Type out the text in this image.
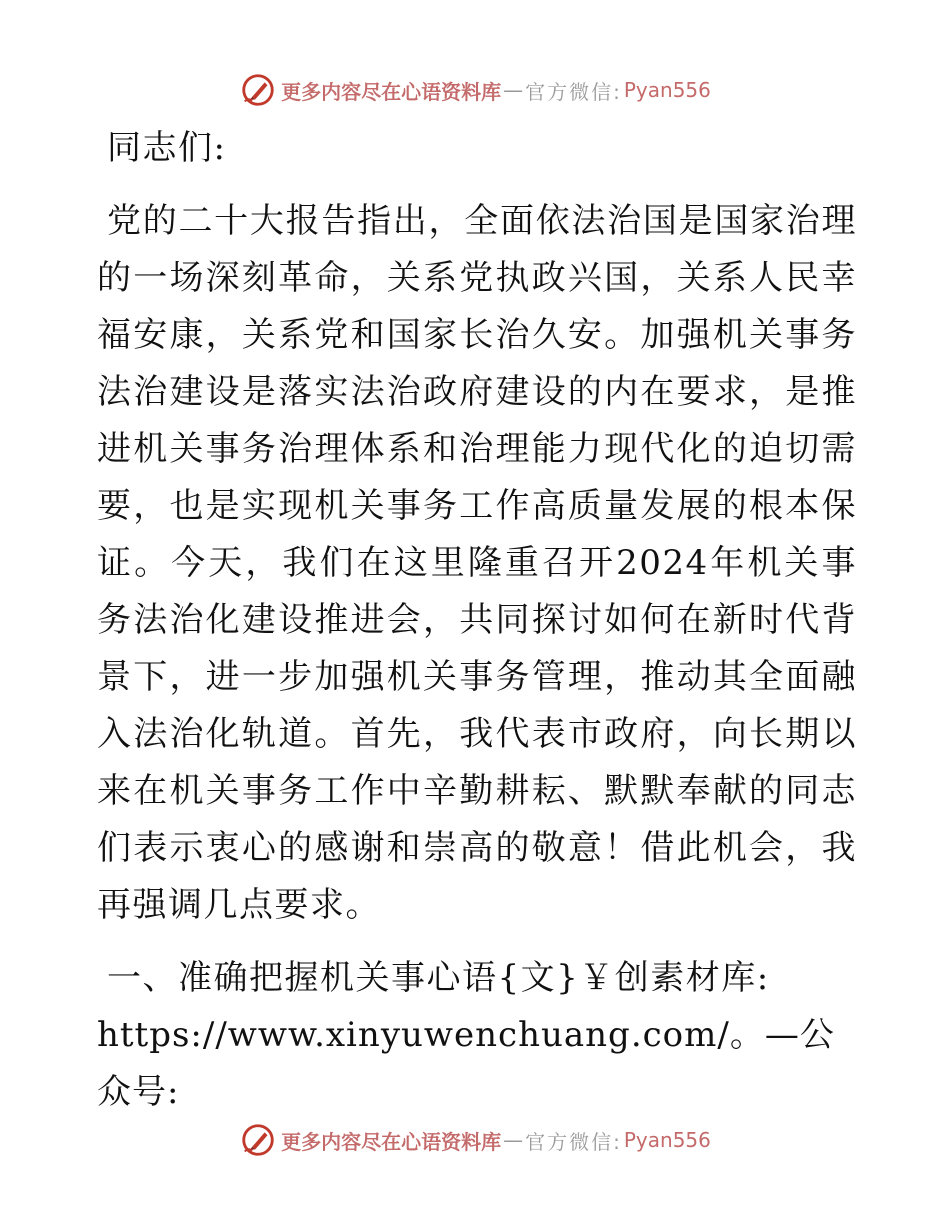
更多内容尽在心语资料库 — 官方微信: Pyan556

同志们:

党的二十大报告指出，全面依法治国是国家治理的一场深刻革命，关系党执政兴国，关系人民幸福安康，关系党和国家长治久安。加强机关事务法治建设是落实法治政府建设的内在要求，是推进机关事务治理体系和治理能力现代化的迫切需要，也是实现机关事务工作高质量发展的根本保证。今天，我们在这里隆重召开2024年机关事务法治化建设推进会，共同探讨如何在新时代背景下，进一步加强机关事务管理，推动其全面融入法治化轨道。首先，我代表市政府，向长期以来在机关事务工作中辛勤耕耘、默默奉献的同志们表示衷心的感谢和崇高的敬意！借此机会，我再强调几点要求。

一、准确把握机关事心语{文}￥创素材库:

https://www.xinyuwenchuang.com/。—公众号:

更多内容尽在心语资料库 — 官方微信: Pyan556
